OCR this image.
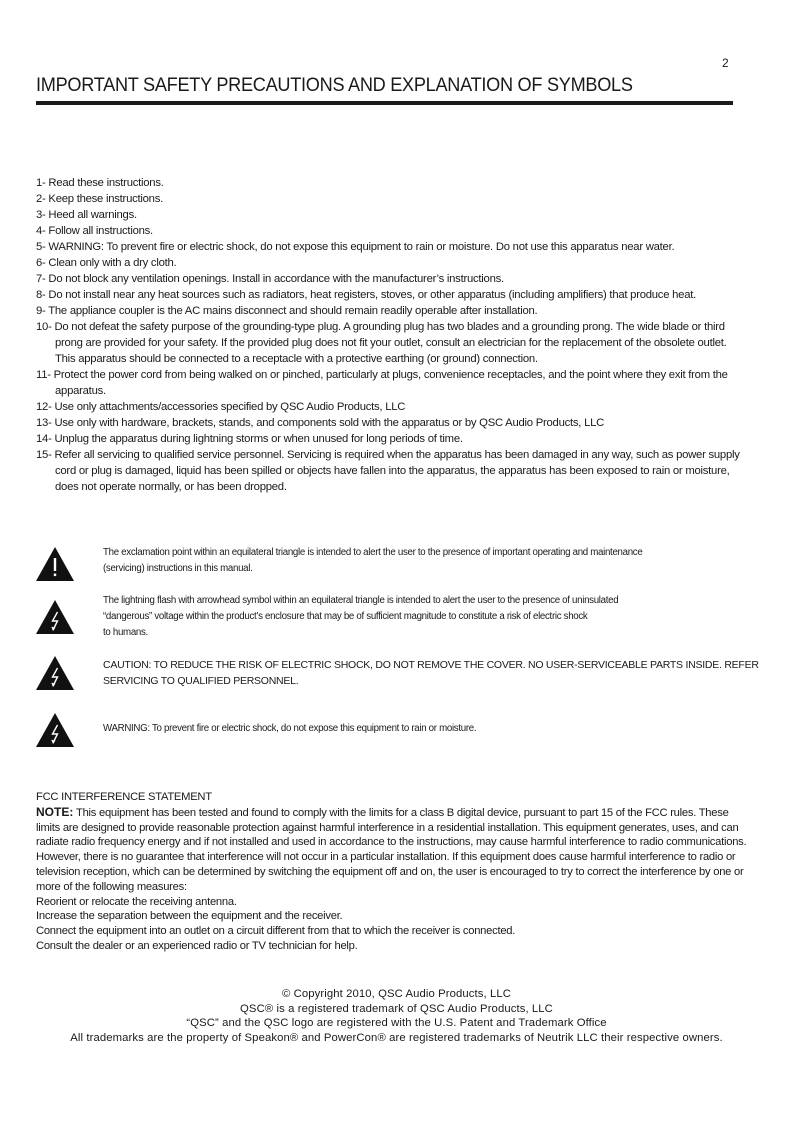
2
IMPORTANT SAFETY PRECAUTIONS AND EXPLANATION OF SYMBOLS
1- Read these instructions.
2- Keep these instructions.
3- Heed all warnings.
4- Follow all instructions.
5- WARNING: To prevent fire or electric shock, do not expose this equipment to rain or moisture. Do not use this apparatus near water.
6- Clean only with a dry cloth.
7- Do not block any ventilation openings. Install in accordance with the manufacturer’s instructions.
8- Do not install near any heat sources such as radiators, heat registers, stoves, or other apparatus (including amplifiers) that produce heat.
9- The appliance coupler is the AC mains disconnect and should remain readily operable after installation.
10- Do not defeat the safety purpose of the grounding-type plug. A grounding plug has two blades and a grounding prong. The wide blade or third
prong are provided for your safety. If the provided plug does not fit your outlet, consult an electrician for the replacement of the obsolete outlet.
This apparatus should be connected to a receptacle with a protective earthing (or ground) connection.
11- Protect the power cord from being walked on or pinched, particularly at plugs, convenience receptacles, and the point where they exit from the
apparatus.
12- Use only attachments/accessories specified by QSC Audio Products, LLC
13- Use only with hardware, brackets, stands, and components sold with the apparatus or by QSC Audio Products, LLC
14- Unplug the apparatus during lightning storms or when unused for long periods of time.
15- Refer all servicing to qualified service personnel. Servicing is required when the apparatus has been damaged in any way, such as power supply
cord or plug is damaged, liquid has been spilled or objects have fallen into the apparatus, the apparatus has been exposed to rain or moisture,
does not operate normally, or has been dropped.
The exclamation point within an equilateral triangle is intended to alert the user to the presence of important operating and maintenance
(servicing) instructions in this manual.
The lightning flash with arrowhead symbol within an equilateral triangle is intended to alert the user to the presence of uninsulated
“dangerous” voltage within the product’s enclosure that may be of sufficient magnitude to constitute a risk of electric shock
to humans.
CAUTION: TO REDUCE THE RISK OF ELECTRIC SHOCK, DO NOT REMOVE THE COVER. NO USER-SERVICEABLE PARTS INSIDE. REFER
SERVICING TO QUALIFIED PERSONNEL.
WARNING: To prevent fire or electric shock, do not expose this equipment to rain or moisture.
FCC INTERFERENCE STATEMENT
NOTE: This equipment has been tested and found to comply with the limits for a class B digital device, pursuant to part 15 of the FCC rules. These
limits are designed to provide reasonable protection against harmful interference in a residential installation. This equipment generates, uses, and can
radiate radio frequency energy and if not installed and used in accordance to the instructions, may cause harmful interference to radio communications.
However, there is no guarantee that interference will not occur in a particular installation. If this equipment does cause harmful interference to radio or
television reception, which can be determined by switching the equipment off and on, the user is encouraged to try to correct the interference by one or
more of the following measures:
Reorient or relocate the receiving antenna.
Increase the separation between the equipment and the receiver.
Connect the equipment into an outlet on a circuit different from that to which the receiver is connected.
Consult the dealer or an experienced radio or TV technician for help.
© Copyright 2010, QSC Audio Products, LLC
QSC® is a registered trademark of QSC Audio Products, LLC
“QSC” and the QSC logo are registered with the U.S. Patent and Trademark Office
All trademarks are the property of Speakon® and PowerCon® are registered trademarks of Neutrik LLC their respective owners.
